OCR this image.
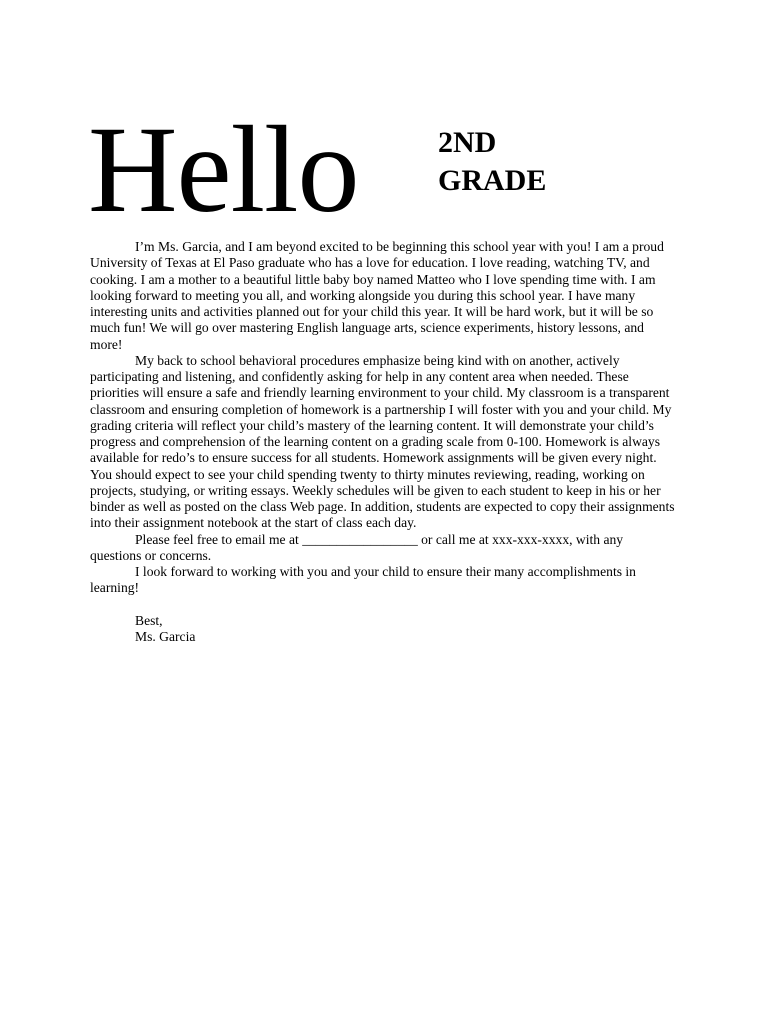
Hello	2ND
GRADE

I’m Ms. Garcia, and I am beyond excited to be beginning this school year with you! I am a proud University of Texas at El Paso graduate who has a love for education. I love reading, watching TV, and cooking. I am a mother to a beautiful little baby boy named Matteo who I love spending time with. I am looking forward to meeting you all, and working alongside you during this school year. I have many interesting units and activities planned out for your child this year. It will be hard work, but it will be so much fun! We will go over mastering English language arts, science experiments, history lessons, and more!

My back to school behavioral procedures emphasize being kind with on another, actively participating and listening, and confidently asking for help in any content area when needed. These priorities will ensure a safe and friendly learning environment to your child. My classroom is a transparent classroom and ensuring completion of homework is a partnership I will foster with you and your child. My grading criteria will reflect your child’s mastery of the learning content. It will demonstrate your child’s progress and comprehension of the learning content on a grading scale from 0-100. Homework is always available for redo’s to ensure success for all students. Homework assignments will be given every night. You should expect to see your child spending twenty to thirty minutes reviewing, reading, working on projects, studying, or writing essays. Weekly schedules will be given to each student to keep in his or her binder as well as posted on the class Web page. In addition, students are expected to copy their assignments into their assignment notebook at the start of class each day.

Please feel free to email me at _________________ or call me at xxx-xxx-xxxx, with any questions or concerns.

I look forward to working with you and your child to ensure their many accomplishments in learning!

Best,
Ms. Garcia
